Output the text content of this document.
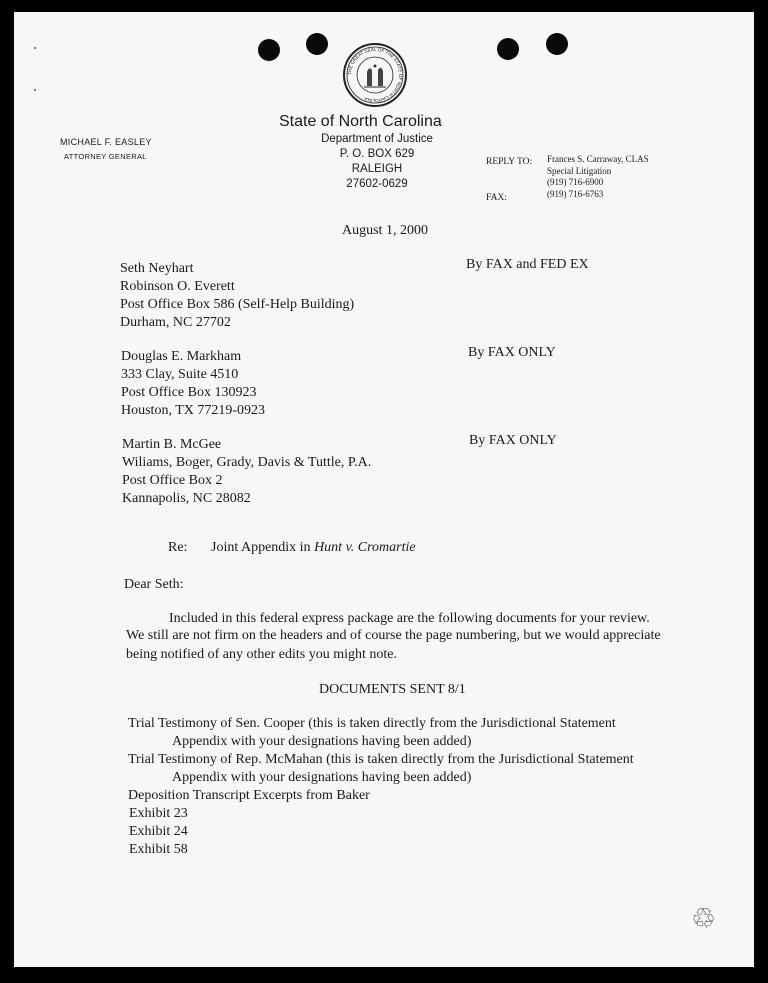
THE GREAT SEAL OF THE STATE OF NORTH CAROLINA
MICHAEL F. EASLEY
ATTORNEY GENERAL
State of North Carolina
Department of Justice
P. O. BOX 629
RALEIGH
27602-0629
REPLY TO: Frances S. Carraway, CLAS
Special Litigation
(919) 716-6900
(919) 716-6763
FAX:
August 1, 2000
Seth Neyhart
Robinson O. Everett
Post Office Box 586 (Self-Help Building)
Durham, NC 27702
By FAX and FED EX
Douglas E. Markham
333 Clay, Suite 4510
Post Office Box 130923
Houston, TX 77219-0923
By FAX ONLY
Martin B. McGee
Wiliams, Boger, Grady, Davis & Tuttle, P.A.
Post Office Box 2
Kannapolis, NC 28082
By FAX ONLY
Re: Joint Appendix in Hunt v. Cromartie
Dear Seth:
Included in this federal express package are the following documents for your review.
We still are not firm on the headers and of course the page numbering, but we would appreciate
being notified of any other edits you might note.
DOCUMENTS SENT 8/1
Trial Testimony of Sen. Cooper (this is taken directly from the Jurisdictional Statement
Appendix with your designations having been added)
Trial Testimony of Rep. McMahan (this is taken directly from the Jurisdictional Statement
Appendix with your designations having been added)
Deposition Transcript Excerpts from Baker
Exhibit 23
Exhibit 24
Exhibit 58
♲
